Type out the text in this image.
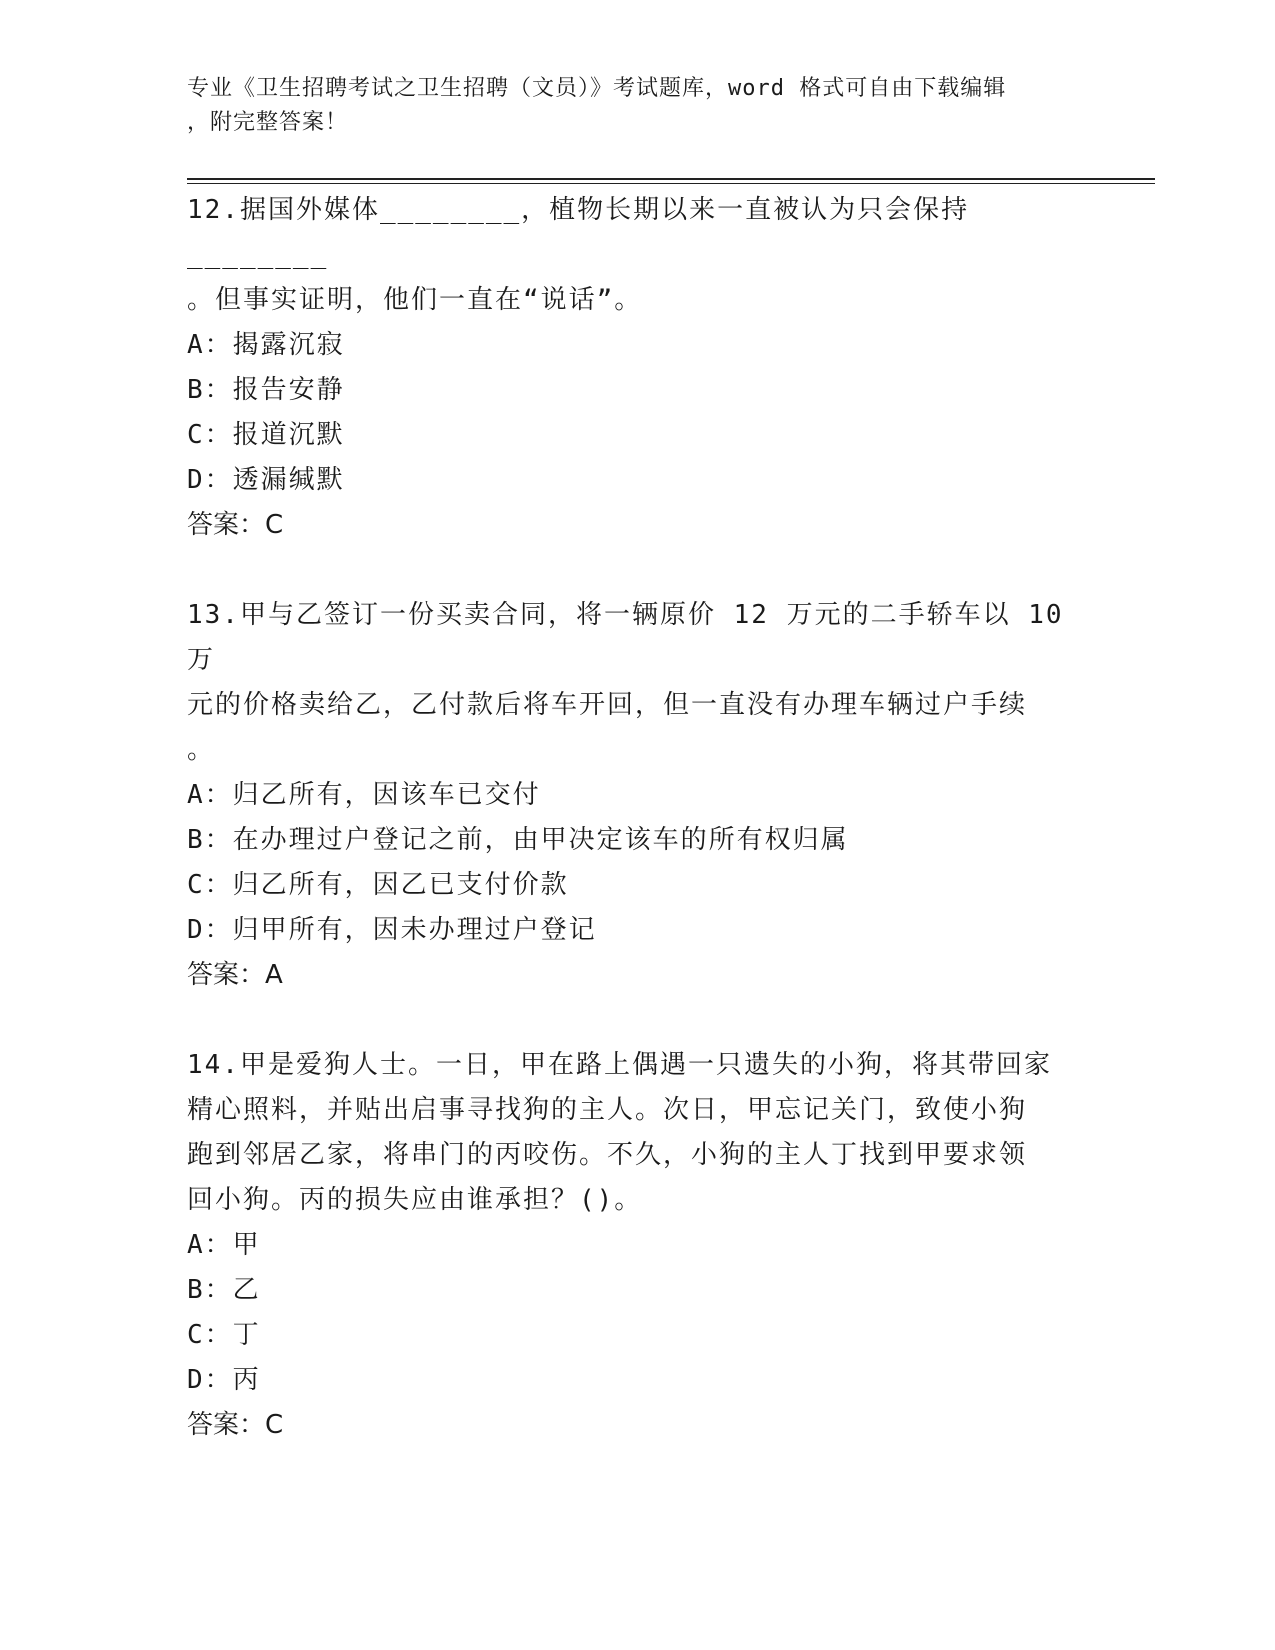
专业《卫生招聘考试之卫生招聘（文员）》考试题库，word 格式可自由下载编辑
，附完整答案！

12.据国外媒体________，植物长期以来一直被认为只会保持________

。但事实证明，他们一直在“说话”。

A：揭露沉寂

B：报告安静

C：报道沉默

D：透漏缄默

答案：C

13.甲与乙签订一份买卖合同，将一辆原价 12 万元的二手轿车以 10 万

元的价格卖给乙，乙付款后将车开回，但一直没有办理车辆过户手续

。

A：归乙所有，因该车已交付

B：在办理过户登记之前，由甲决定该车的所有权归属

C：归乙所有，因乙已支付价款

D：归甲所有，因未办理过户登记

答案：A

14.甲是爱狗人士。一日，甲在路上偶遇一只遗失的小狗，将其带回家

精心照料，并贴出启事寻找狗的主人。次日，甲忘记关门，致使小狗

跑到邻居乙家，将串门的丙咬伤。不久，小狗的主人丁找到甲要求领

回小狗。丙的损失应由谁承担？()。

A：甲

B：乙

C：丁

D：丙

答案：C
